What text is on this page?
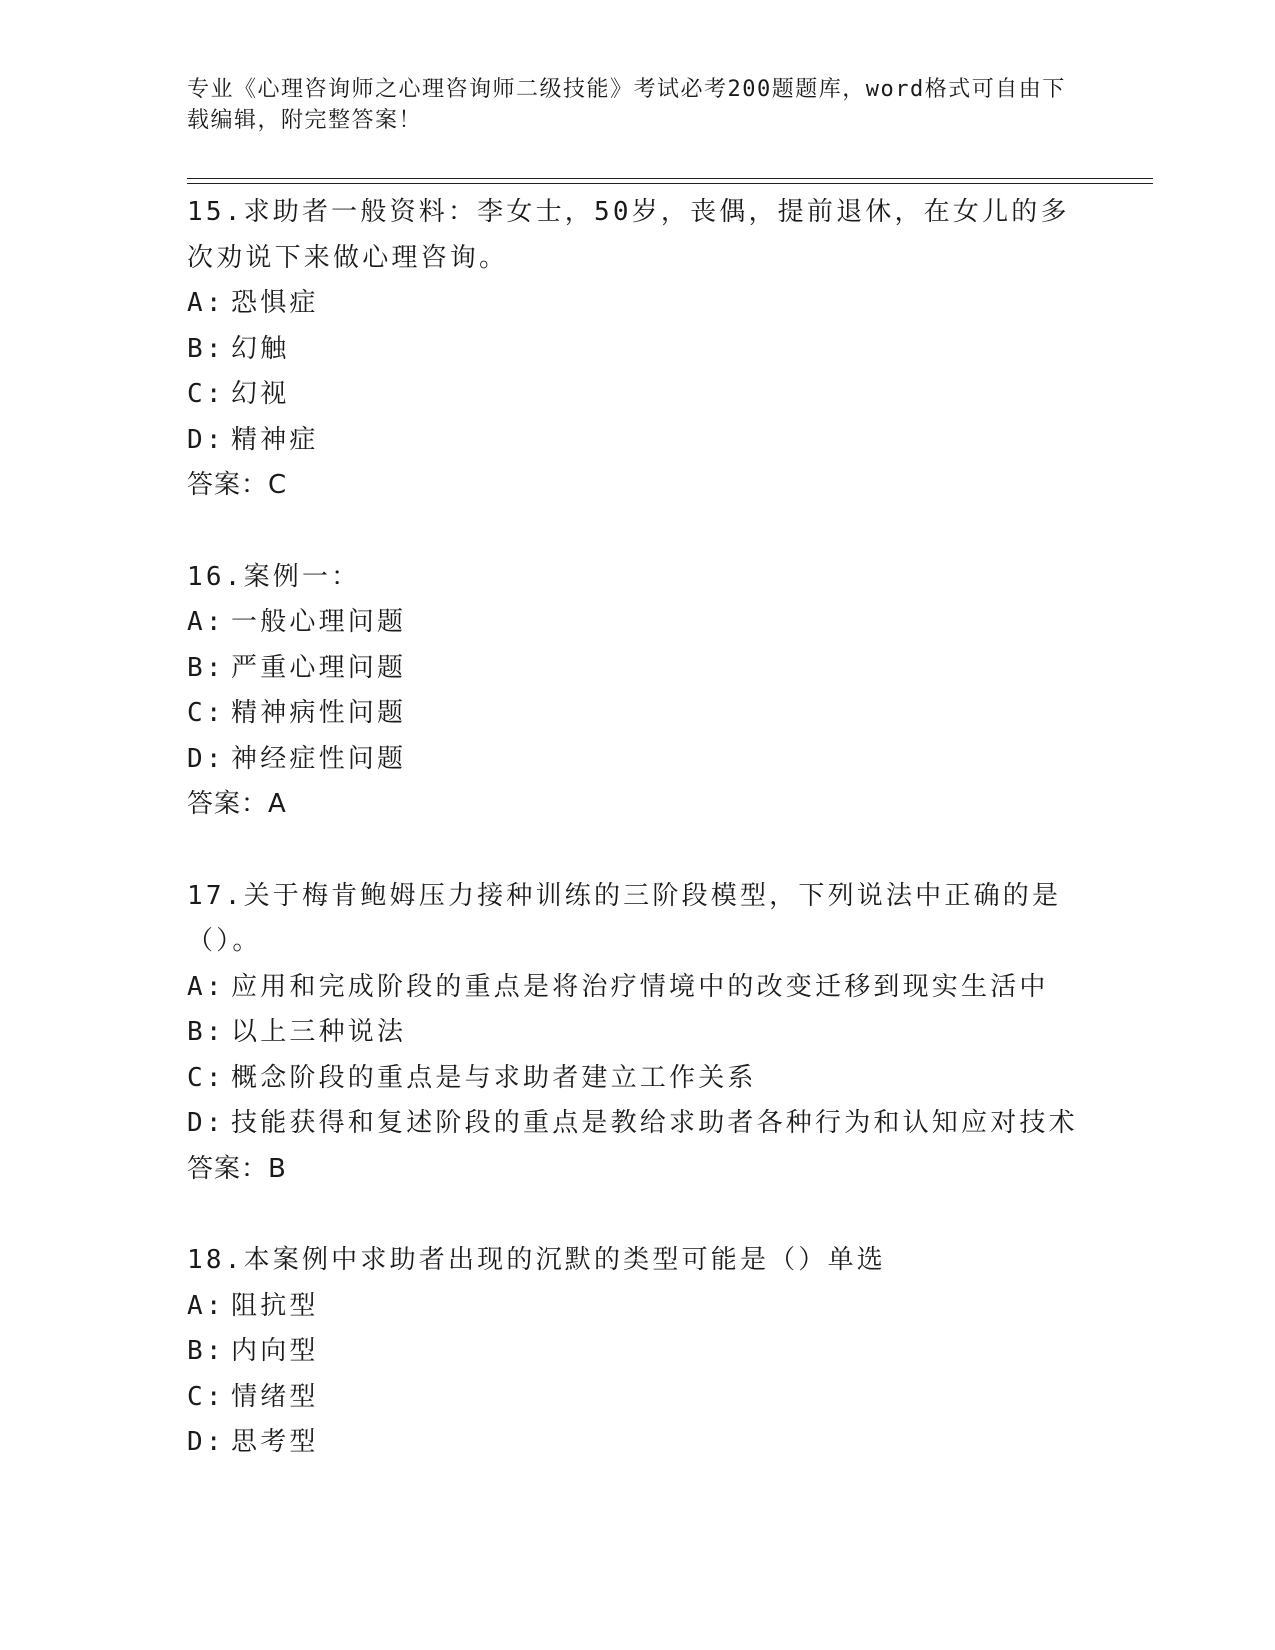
专业《心理咨询师之心理咨询师二级技能》考试必考200题题库，word格式可自由下载编辑，附完整答案！
15.求助者一般资料：李女士，50岁，丧偶，提前退休，在女儿的多次劝说下来做心理咨询。
A: 恐惧症
B: 幻触
C: 幻视
D: 精神症
答案：C
16.案例一：
A: 一般心理问题
B: 严重心理问题
C: 精神病性问题
D: 神经症性问题
答案：A
17.关于梅肯鲍姆压力接种训练的三阶段模型，下列说法中正确的是（）。
A: 应用和完成阶段的重点是将治疗情境中的改变迁移到现实生活中
B: 以上三种说法
C: 概念阶段的重点是与求助者建立工作关系
D: 技能获得和复述阶段的重点是教给求助者各种行为和认知应对技术
答案：B
18.本案例中求助者出现的沉默的类型可能是（）单选
A: 阻抗型
B: 内向型
C: 情绪型
D: 思考型
